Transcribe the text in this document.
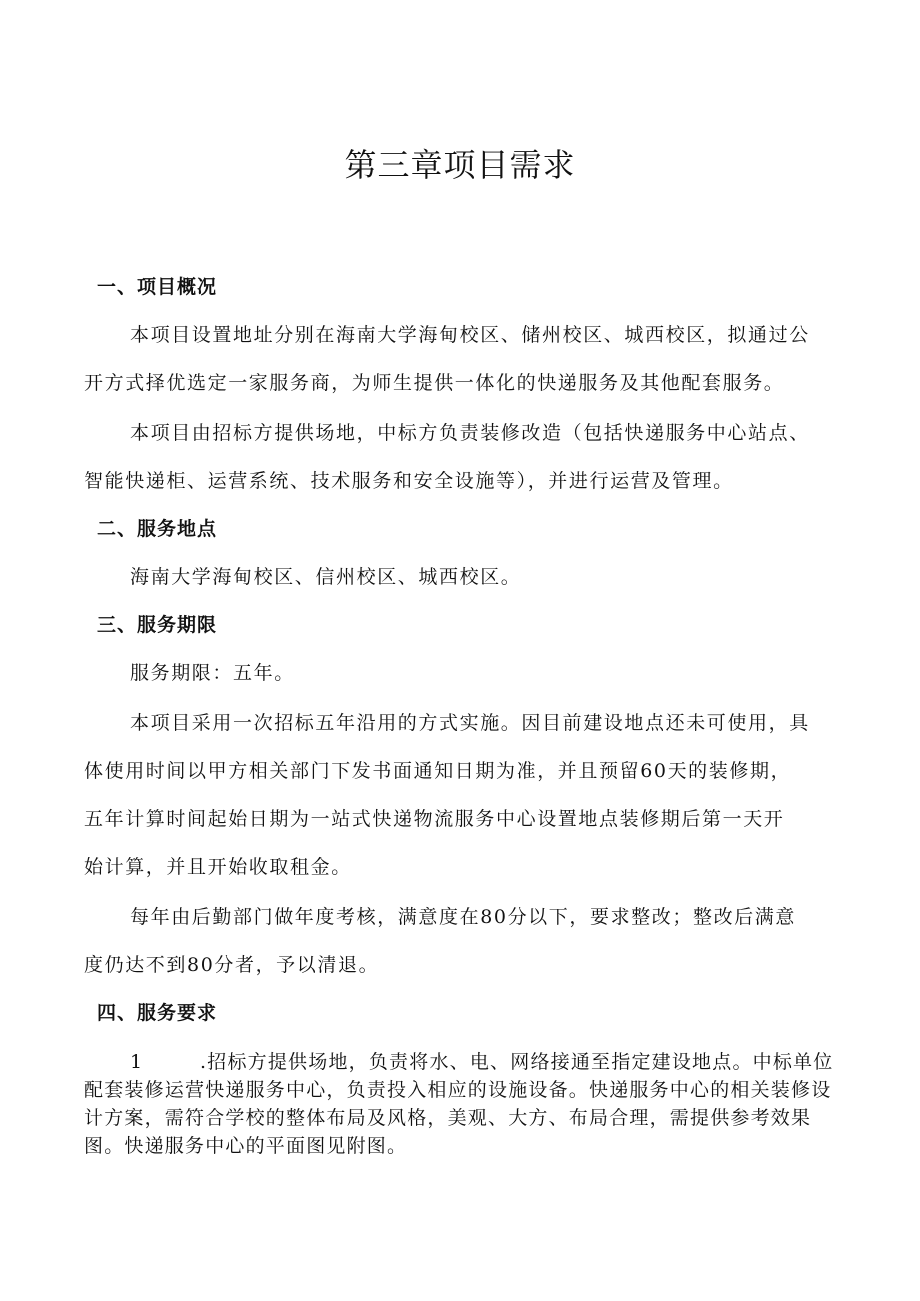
第三章项目需求
一、项目概况
本项目设置地址分别在海南大学海甸校区、储州校区、城西校区，拟通过公
开方式择优选定一家服务商，为师生提供一体化的快递服务及其他配套服务。
本项目由招标方提供场地，中标方负责装修改造（包括快递服务中心站点、
智能快递柜、运营系统、技术服务和安全设施等），并进行运营及管理。
二、服务地点
海南大学海甸校区、信州校区、城西校区。
三、服务期限
服务期限：五年。
本项目采用一次招标五年沿用的方式实施。因目前建设地点还未可使用，具
体使用时间以甲方相关部门下发书面通知日期为准，并且预留60天的装修期，
五年计算时间起始日期为一站式快递物流服务中心设置地点装修期后第一天开
始计算，并且开始收取租金。
每年由后勤部门做年度考核，满意度在80分以下，要求整改；整改后满意
度仍达不到80分者，予以清退。
四、服务要求
1	.招标方提供场地，负责将水、电、网络接通至指定建设地点。中标单位配套装修运营快递服务中心，负责投入相应的设施设备。快递服务中心的相关装修设计方案，需符合学校的整体布局及风格，美观、大方、布局合理，需提供参考效果图。快递服务中心的平面图见附图。
